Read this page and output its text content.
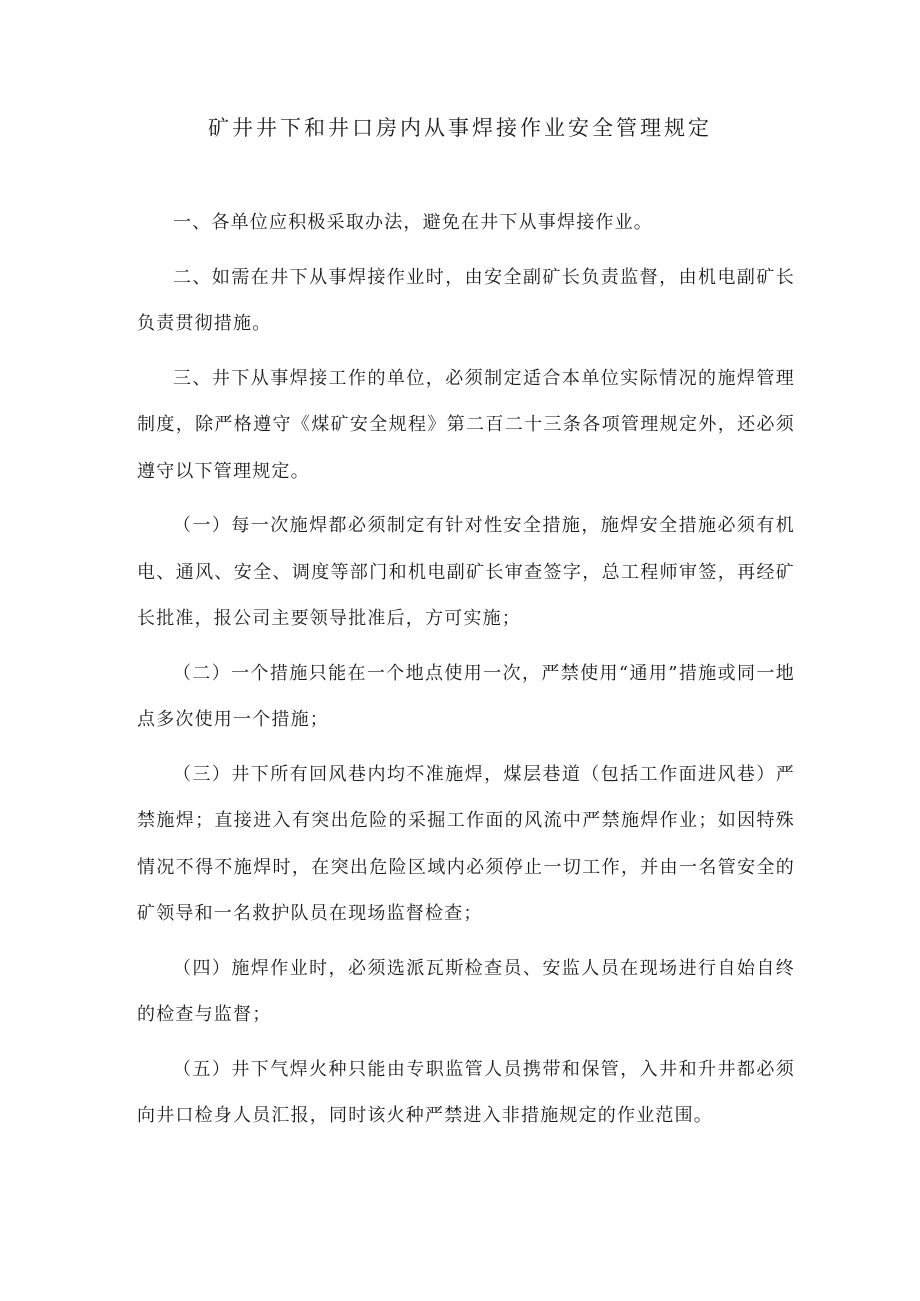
矿井井下和井口房内从事焊接作业安全管理规定

一、各单位应积极采取办法，避免在井下从事焊接作业。

二、如需在井下从事焊接作业时，由安全副矿长负责监督，由机电副矿长负责贯彻措施。

三、井下从事焊接工作的单位，必须制定适合本单位实际情况的施焊管理制度，除严格遵守《煤矿安全规程》第二百二十三条各项管理规定外，还必须遵守以下管理规定。

（一）每一次施焊都必须制定有针对性安全措施，施焊安全措施必须有机电、通风、安全、调度等部门和机电副矿长审查签字，总工程师审签，再经矿长批准，报公司主要领导批准后，方可实施；

（二）一个措施只能在一个地点使用一次，严禁使用“通用”措施或同一地点多次使用一个措施；

（三）井下所有回风巷内均不准施焊，煤层巷道（包括工作面进风巷）严禁施焊；直接进入有突出危险的采掘工作面的风流中严禁施焊作业；如因特殊情况不得不施焊时，在突出危险区域内必须停止一切工作，并由一名管安全的矿领导和一名救护队员在现场监督检查；

（四）施焊作业时，必须选派瓦斯检查员、安监人员在现场进行自始自终的检查与监督；

（五）井下气焊火种只能由专职监管人员携带和保管，入井和升井都必须向井口检身人员汇报，同时该火种严禁进入非措施规定的作业范围。
